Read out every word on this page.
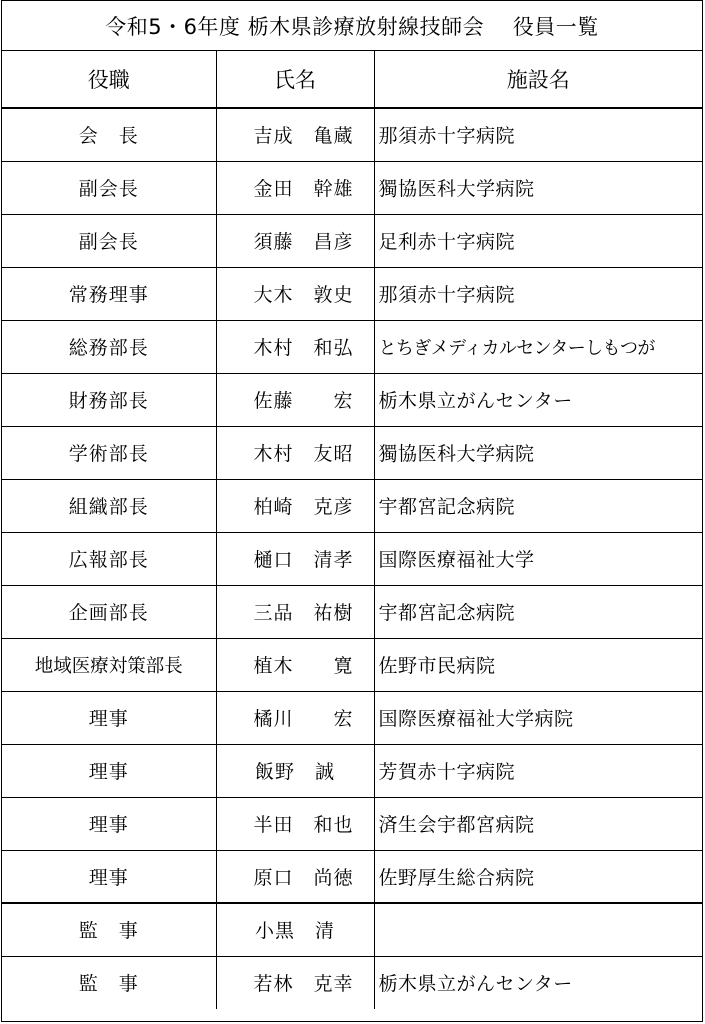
令和5・6年度 栃木県診療放射線技師会　 役員一覧
役職	氏名	施設名
会　長	吉成　亀蔵	那須赤十字病院
副会長	金田　幹雄	獨協医科大学病院
副会長	須藤　昌彦	足利赤十字病院
常務理事	大木　敦史	那須赤十字病院
総務部長	木村　和弘	とちぎメディカルセンターしもつが
財務部長	佐藤　　宏	栃木県立がんセンター
学術部長	木村　友昭	獨協医科大学病院
組織部長	柏崎　克彦	宇都宮記念病院
広報部長	樋口　清孝	国際医療福祉大学
企画部長	三品　祐樹	宇都宮記念病院
地域医療対策部長	植木　　寛	佐野市民病院
理事	橘川　　宏	国際医療福祉大学病院
理事	飯野　誠	芳賀赤十字病院
理事	半田　和也	済生会宇都宮病院
理事	原口　尚徳	佐野厚生総合病院
監　事	小黒　清	
監　事	若林　克幸	栃木県立がんセンター
